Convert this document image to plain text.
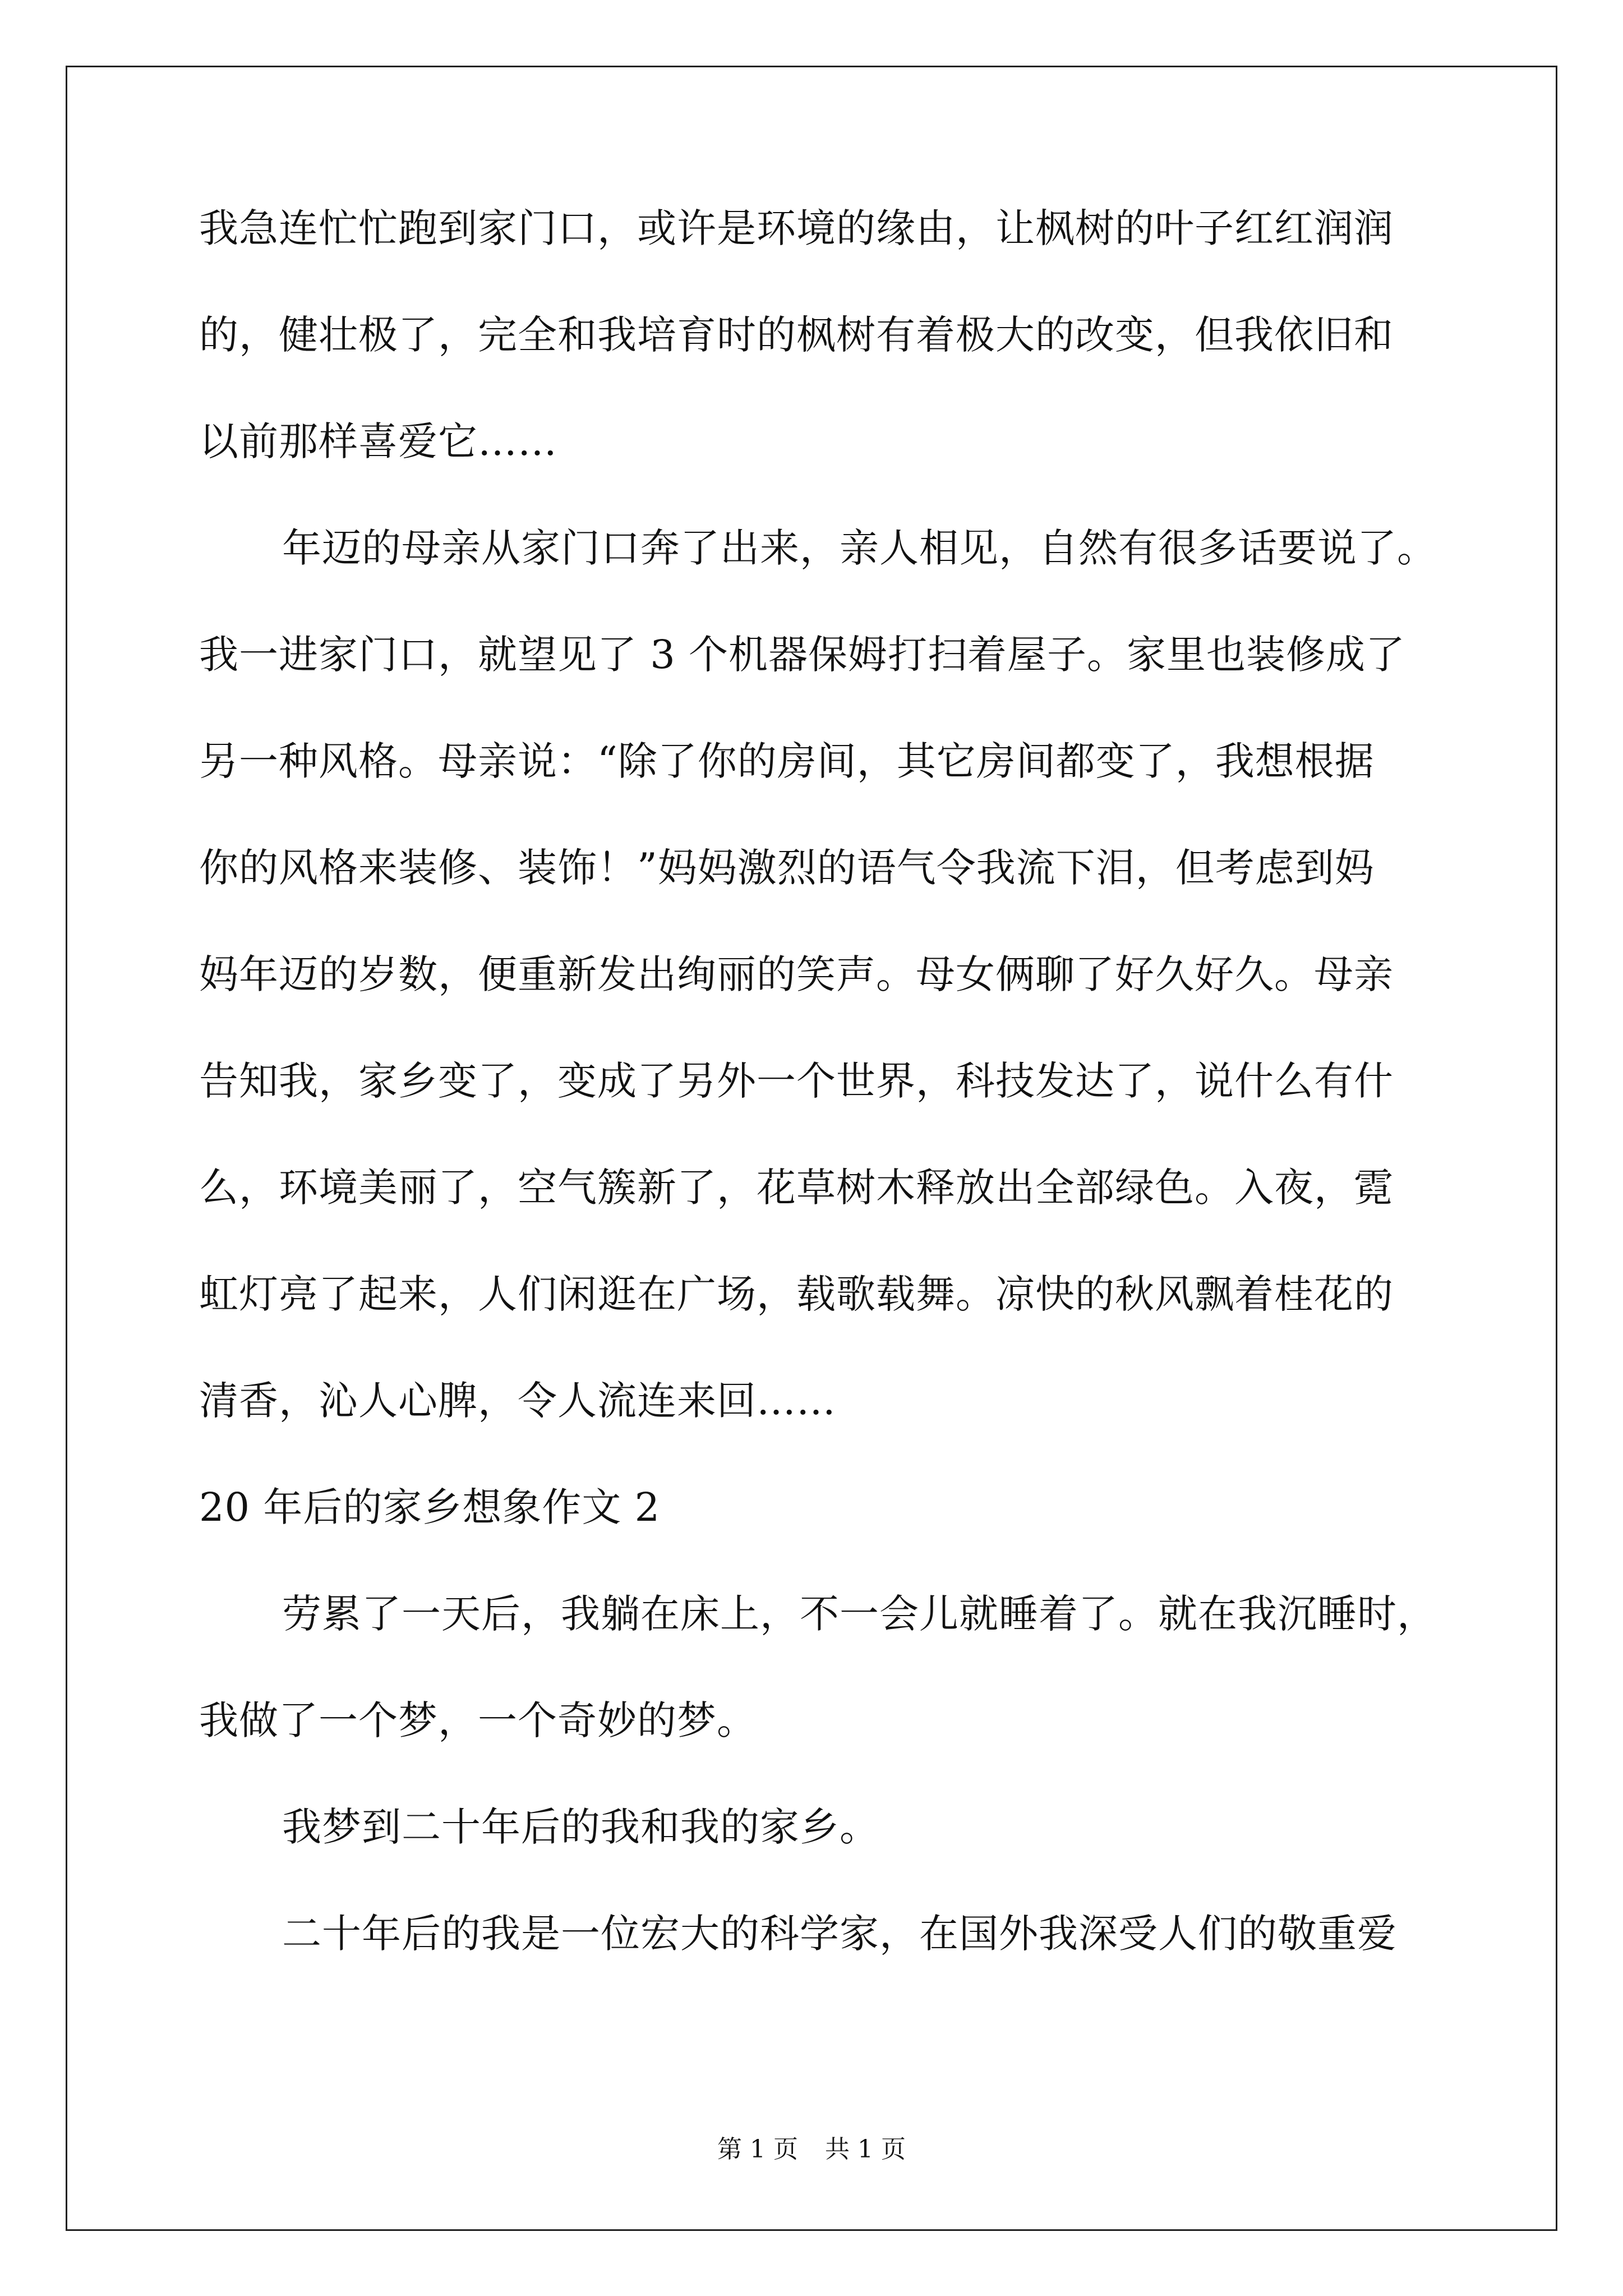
我急连忙忙跑到家门口，或许是环境的缘由，让枫树的叶子红红润润

的，健壮极了，完全和我培育时的枫树有着极大的改变，但我依旧和

以前那样喜爱它……

年迈的母亲从家门口奔了出来，亲人相见，自然有很多话要说了。

我一进家门口，就望见了 3 个机器保姆打扫着屋子。家里也装修成了

另一种风格。母亲说：“除了你的房间，其它房间都变了，我想根据

你的风格来装修、装饰！”妈妈激烈的语气令我流下泪，但考虑到妈

妈年迈的岁数，便重新发出绚丽的笑声。母女俩聊了好久好久。母亲

告知我，家乡变了，变成了另外一个世界，科技发达了，说什么有什

么，环境美丽了，空气簇新了，花草树木释放出全部绿色。入夜，霓

虹灯亮了起来，人们闲逛在广场，载歌载舞。凉快的秋风飘着桂花的

清香，沁人心脾，令人流连来回……

20 年后的家乡想象作文 2

劳累了一天后，我躺在床上，不一会儿就睡着了。就在我沉睡时，

我做了一个梦，一个奇妙的梦。

我梦到二十年后的我和我的家乡。

二十年后的我是一位宏大的科学家，在国外我深受人们的敬重爱

第 1 页 共 1 页
